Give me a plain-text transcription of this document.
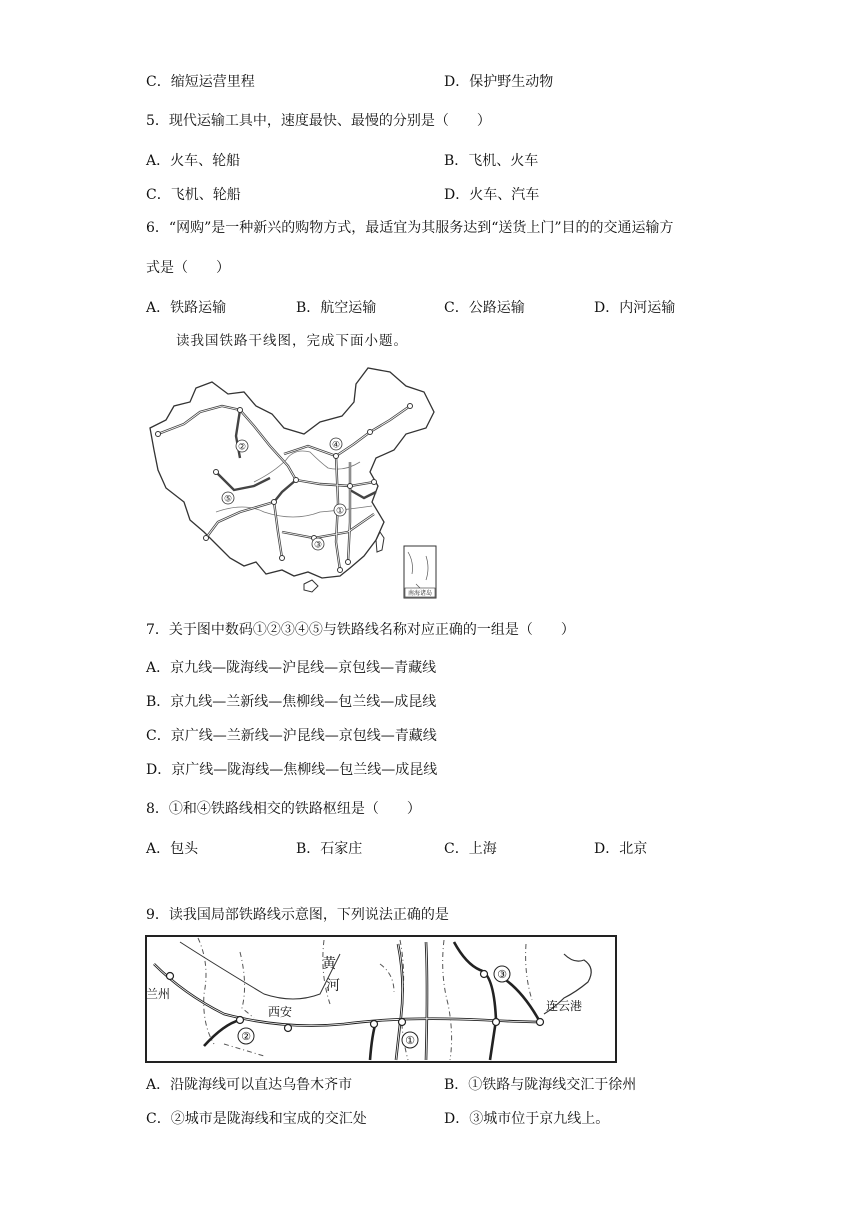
C．缩短运营里程	D．保护野生动物
5．现代运输工具中，速度最快、最慢的分别是（　　）
A．火车、轮船	B．飞机、火车
C．飞机、轮船	D．火车、汽车
6．“网购”是一种新兴的购物方式，最适宜为其服务达到“送货上门”目的的交通运输方
式是（　　）
A．铁路运输	B．航空运输	C．公路运输	D．内河运输
读我国铁路干线图，完成下面小题。
①
②
③
④
⑤
南海诸岛
7．关于图中数码①②③④⑤与铁路线名称对应正确的一组是（　　）
A．京九线—陇海线—沪昆线—京包线—青藏线
B．京九线—兰新线—焦柳线—包兰线—成昆线
C．京广线—兰新线—沪昆线—京包线—青藏线
D．京广线—陇海线—焦柳线—包兰线—成昆线
8．①和④铁路线相交的铁路枢纽是（　　）
A．包头	B．石家庄	C．上海	D．北京
9．读我国局部铁路线示意图，下列说法正确的是
兰州
西安	连云港
黄
河
②	①
③
A．沿陇海线可以直达乌鲁木齐市	B．①铁路与陇海线交汇于徐州
C．②城市是陇海线和宝成的交汇处	D．③城市位于京九线上。
